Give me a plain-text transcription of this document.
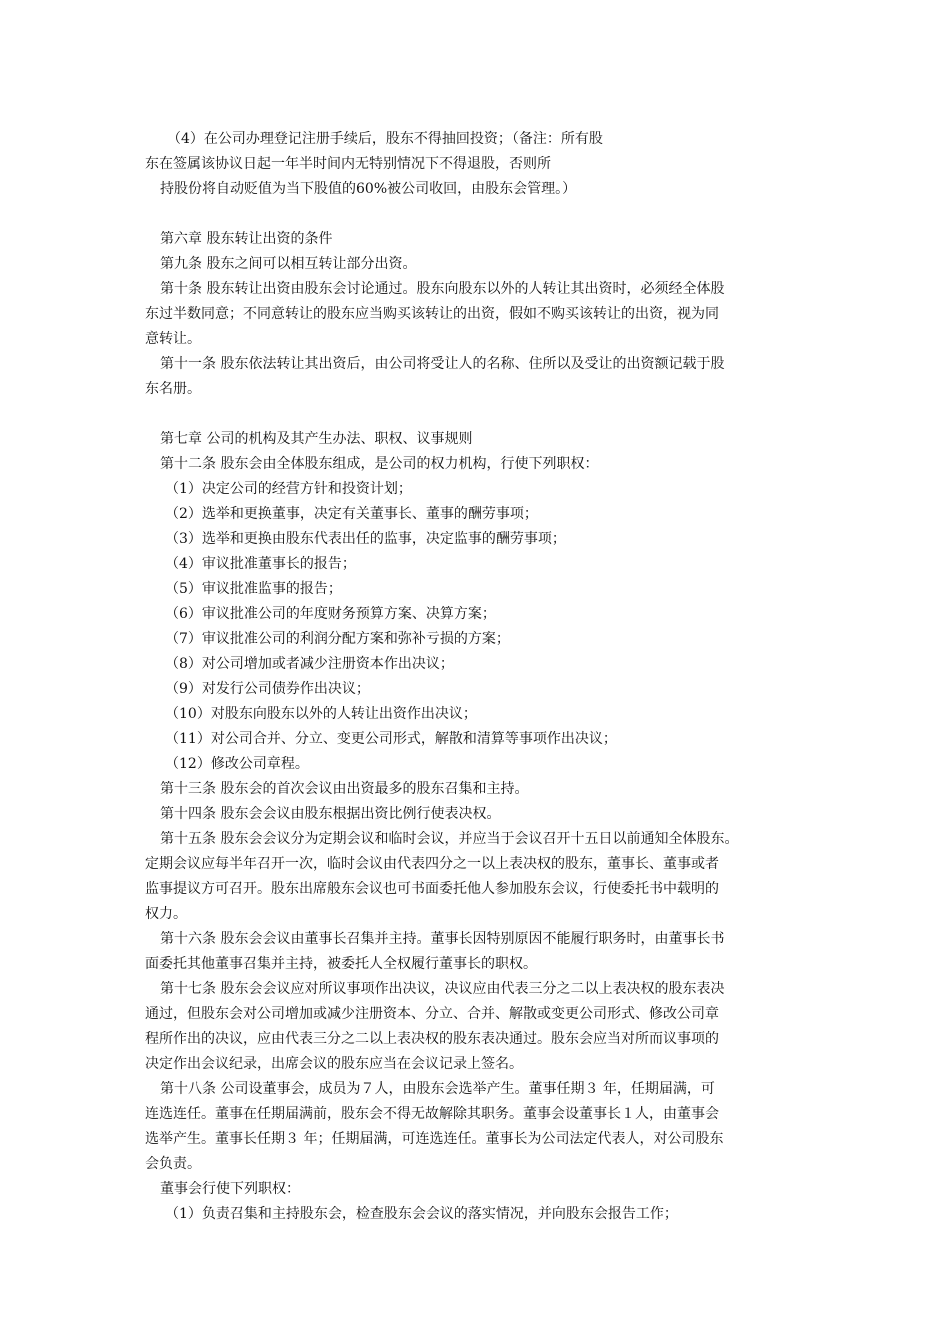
（4）在公司办理登记注册手续后，股东不得抽回投资；（备注：所有股
东在签属该协议日起一年半时间内无特别情况下不得退股，否则所
持股份将自动贬值为当下股值的60%被公司收回，由股东会管理。）
第六章 股东转让出资的条件
第九条 股东之间可以相互转让部分出资。
第十条 股东转让出资由股东会讨论通过。股东向股东以外的人转让其出资时，必须经全体股
东过半数同意；不同意转让的股东应当购买该转让的出资，假如不购买该转让的出资，视为同
意转让。
第十一条 股东依法转让其出资后，由公司将受让人的名称、住所以及受让的出资额记载于股
东名册。
第七章 公司的机构及其产生办法、职权、议事规则
第十二条 股东会由全体股东组成，是公司的权力机构，行使下列职权：
（1）决定公司的经营方针和投资计划；
（2）选举和更换董事，决定有关董事长、董事的酬劳事项；
（3）选举和更换由股东代表出任的监事，决定监事的酬劳事项；
（4）审议批准董事长的报告；
（5）审议批准监事的报告；
（6）审议批准公司的年度财务预算方案、决算方案；
（7）审议批准公司的利润分配方案和弥补亏损的方案；
（8）对公司增加或者减少注册资本作出决议；
（9）对发行公司债券作出决议；
（10）对股东向股东以外的人转让出资作出决议；
（11）对公司合并、分立、变更公司形式，解散和清算等事项作出决议；
（12）修改公司章程。
第十三条 股东会的首次会议由出资最多的股东召集和主持。
第十四条 股东会会议由股东根据出资比例行使表决权。
第十五条 股东会会议分为定期会议和临时会议，并应当于会议召开十五日以前通知全体股东。
定期会议应每半年召开一次，临时会议由代表四分之一以上表决权的股东，董事长、董事或者
监事提议方可召开。股东出席般东会议也可书面委托他人参加股东会议，行使委托书中载明的
权力。
第十六条 股东会会议由董事长召集并主持。董事长因特别原因不能履行职务时，由董事长书
面委托其他董事召集并主持，被委托人全权履行董事长的职权。
第十七条 股东会会议应对所议事项作出决议，决议应由代表三分之二以上表决权的股东表决
通过，但股东会对公司增加或减少注册资本、分立、合并、解散或变更公司形式、修改公司章
程所作出的决议，应由代表三分之二以上表决权的股东表决通过。股东会应当对所而议事项的
决定作出会议纪录，出席会议的股东应当在会议记录上签名。
第十八条 公司设董事会，成员为７人，由股东会选举产生。董事任期３ 年，任期届满，可
连选连任。董事在任期届满前，股东会不得无故解除其职务。董事会设董事长１人，由董事会
选举产生。董事长任期３ 年；任期届满，可连选连任。董事长为公司法定代表人，对公司股东
会负责。
董事会行使下列职权：
（1）负责召集和主持股东会，检查股东会会议的落实情况，并向股东会报告工作；
